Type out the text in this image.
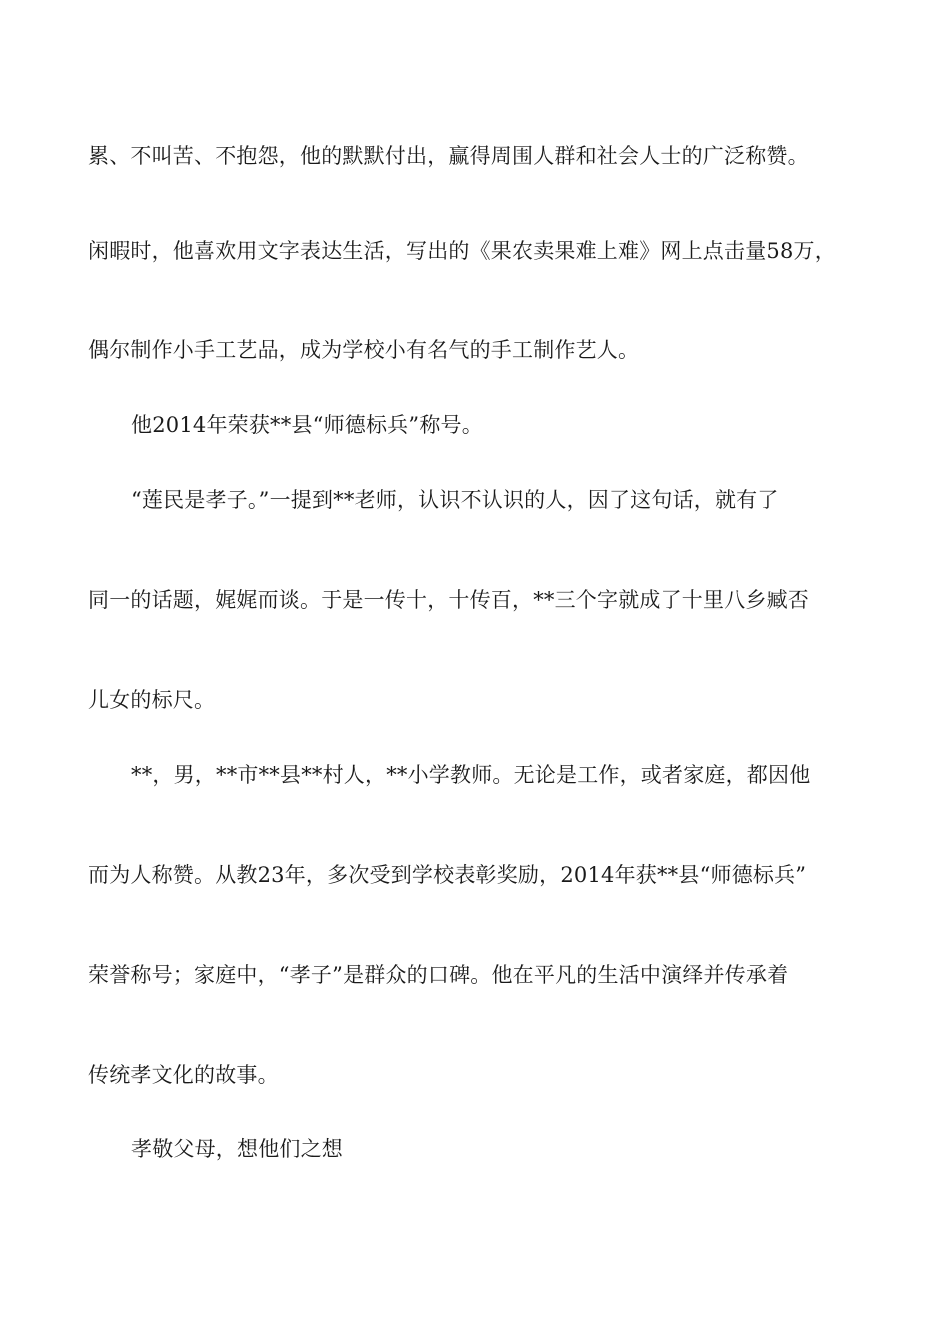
累、不叫苦、不抱怨，他的默默付出，赢得周围人群和社会人士的广泛称赞。
闲暇时，他喜欢用文字表达生活，写出的《果农卖果难上难》网上点击量58万，
偶尔制作小手工艺品，成为学校小有名气的手工制作艺人。
他2014年荣获**县“师德标兵”称号。
“莲民是孝子。”一提到**老师，认识不认识的人，因了这句话，就有了
同一的话题，娓娓而谈。于是一传十，十传百，**三个字就成了十里八乡臧否
儿女的标尺。
**，男，**市**县**村人，**小学教师。无论是工作，或者家庭，都因他
而为人称赞。从教23年，多次受到学校表彰奖励，2014年获**县“师德标兵”
荣誉称号；家庭中，“孝子”是群众的口碑。他在平凡的生活中演绎并传承着
传统孝文化的故事。
孝敬父母，想他们之想
